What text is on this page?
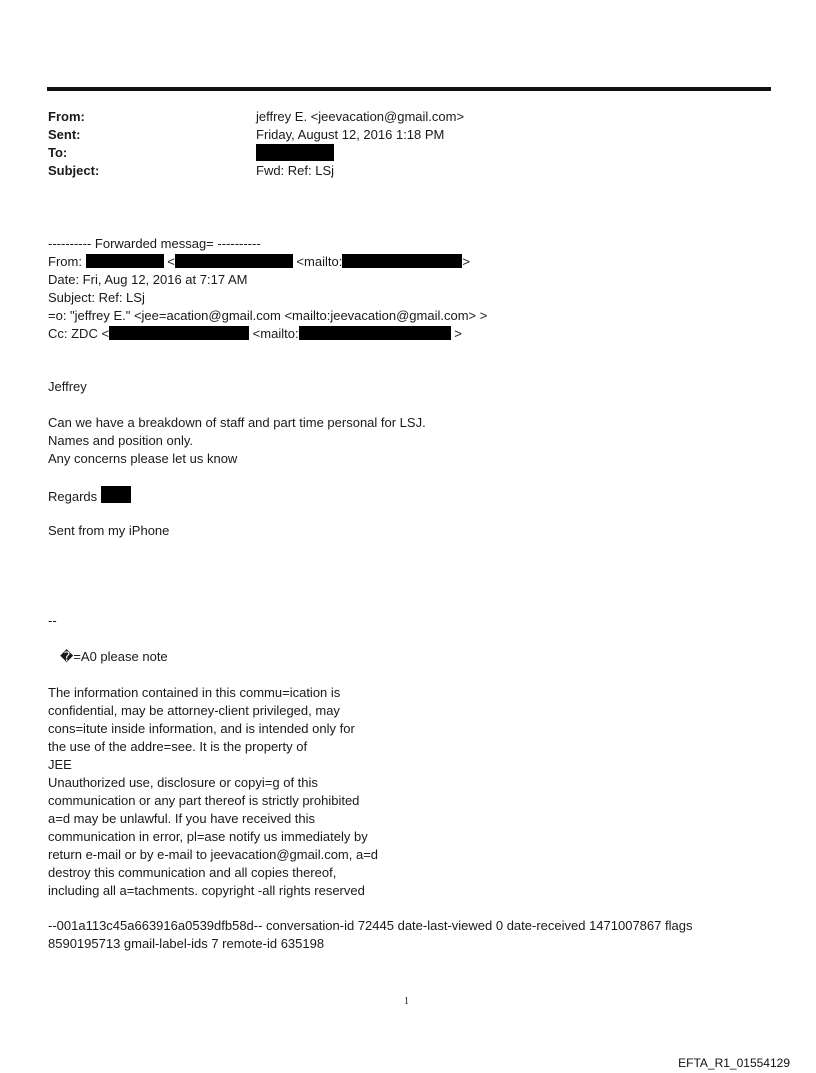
From:	jeffrey E. <jeevacation@gmail.com>
Sent:	Friday, August 12, 2016 1:18 PM
To:
Subject:	Fwd: Ref: LSj
---------- Forwarded messag= ----------
From:	<	<mailto:	>
Date: Fri, Aug 12, 2016 at 7:17 AM
Subject: Ref: LSj
=o: "jeffrey E." <jee=acation@gmail.com <mailto:jeevacation@gmail.com> >
Cc: ZDC <	<mailto:	>
Jeffrey
Can we have a breakdown of staff and part time personal for LSJ.
Names and position only.
Any concerns please let us know
Regards
Sent from my iPhone
--
�=A0 please note
The information contained in this commu=ication is
confidential, may be attorney-client privileged, may
cons=itute inside information, and is intended only for
the use of the addre=see. It is the property of
JEE
Unauthorized use, disclosure or copyi=g of this
communication or any part thereof is strictly prohibited
a=d may be unlawful. If you have received this
communication in error, pl=ase notify us immediately by
return e-mail or by e-mail to jeevacation@gmail.com, a=d
destroy this communication and all copies thereof,
including all a=tachments. copyright -all rights reserved
--001a113c45a663916a0539dfb58d-- conversation-id 72445 date-last-viewed 0 date-received 1471007867 flags
8590195713 gmail-label-ids 7 remote-id 635198
1
EFTA_R1_01554129
